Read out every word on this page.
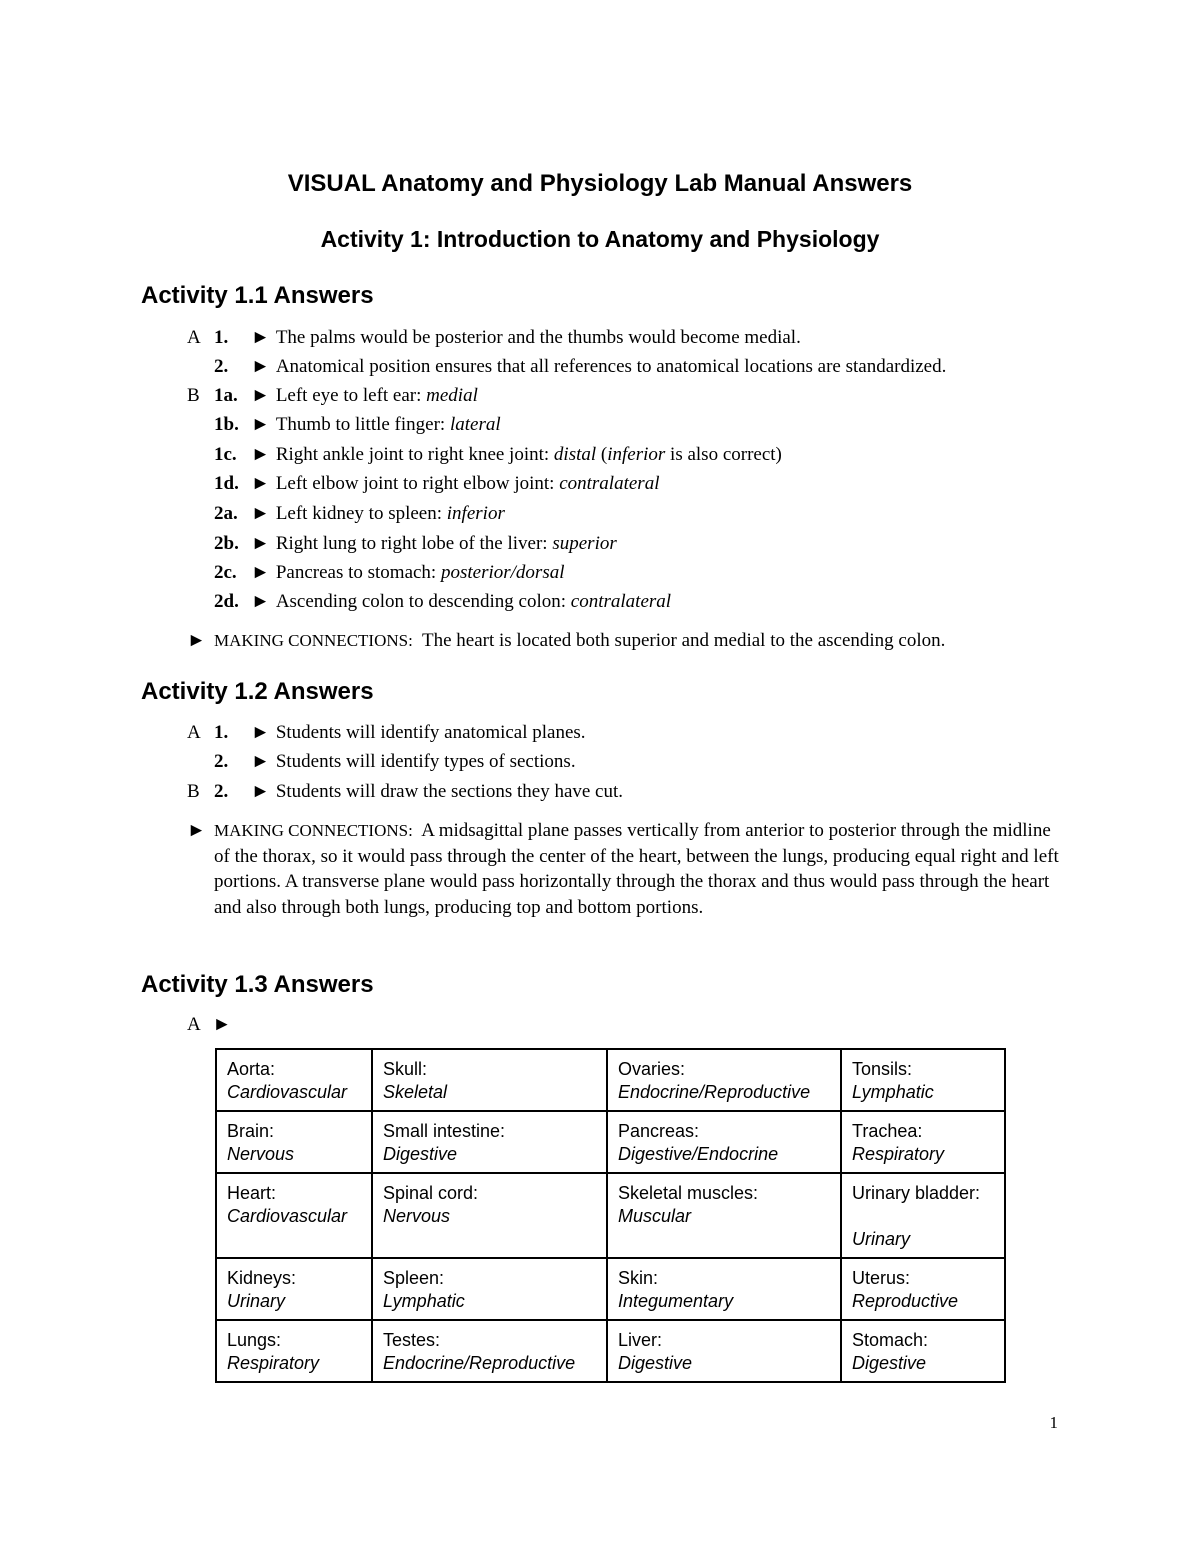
VISUAL Anatomy and Physiology Lab Manual Answers
Activity 1: Introduction to Anatomy and Physiology
Activity 1.1 Answers
A 1. ► The palms would be posterior and the thumbs would become medial.
2. ► Anatomical position ensures that all references to anatomical locations are standardized.
B 1a. ► Left eye to left ear: medial
1b. ► Thumb to little finger: lateral
1c. ► Right ankle joint to right knee joint: distal (inferior is also correct)
1d. ► Left elbow joint to right elbow joint: contralateral
2a. ► Left kidney to spleen: inferior
2b. ► Right lung to right lobe of the liver: superior
2c. ► Pancreas to stomach: posterior/dorsal
2d. ► Ascending colon to descending colon: contralateral
► MAKING CONNECTIONS: The heart is located both superior and medial to the ascending colon.
Activity 1.2 Answers
A 1. ► Students will identify anatomical planes.
2. ► Students will identify types of sections.
B 2. ► Students will draw the sections they have cut.
► MAKING CONNECTIONS: A midsagittal plane passes vertically from anterior to posterior through the midline of the thorax, so it would pass through the center of the heart, between the lungs, producing equal right and left portions. A transverse plane would pass horizontally through the thorax and thus would pass through the heart and also through both lungs, producing top and bottom portions.
Activity 1.3 Answers
A ►
Aorta:
Cardiovascular	Skull:
Skeletal	Ovaries:
Endocrine/Reproductive	Tonsils:
Lymphatic

Brain:
Nervous	Small intestine:
Digestive	Pancreas:
Digestive/Endocrine	Trachea:
Respiratory

Heart:
Cardiovascular	Spinal cord:
Nervous	Skeletal muscles:
Muscular	Urinary bladder:
Urinary

Kidneys:
Urinary	Spleen:
Lymphatic	Skin:
Integumentary	Uterus:
Reproductive

Lungs:
Respiratory	Testes:
Endocrine/Reproductive	Liver:
Digestive	Stomach:
Digestive
1
